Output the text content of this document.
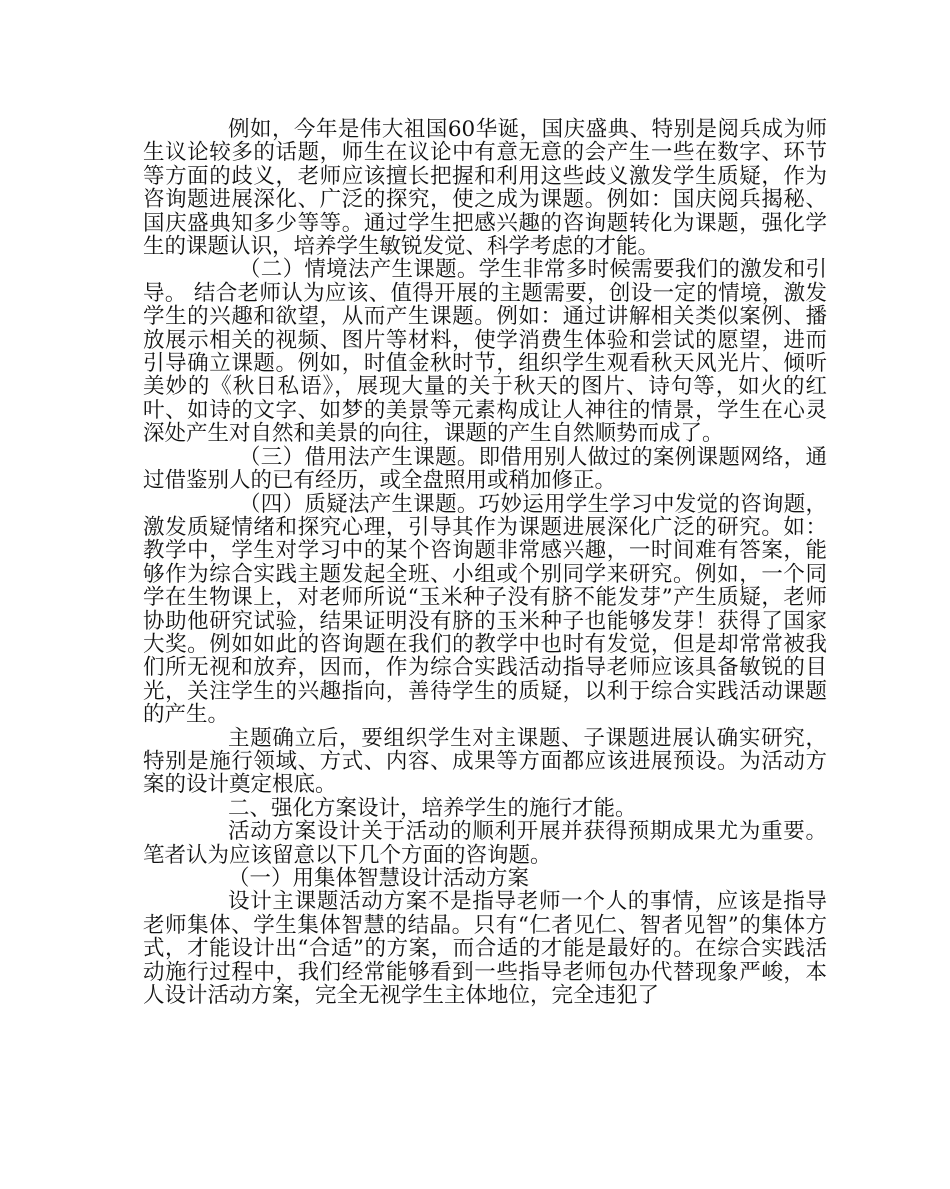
例如，今年是伟大祖国60华诞，国庆盛典、特别是阅兵成为师生议论较多的话题，师生在议论中有意无意的会产生一些在数字、环节等方面的歧义，老师应该擅长把握和利用这些歧义激发学生质疑，作为咨询题进展深化、广泛的探究，使之成为课题。例如：国庆阅兵揭秘、国庆盛典知多少等等。通过学生把感兴趣的咨询题转化为课题，强化学生的课题认识，培养学生敏锐发觉、科学考虑的才能。

（二）情境法产生课题。学生非常多时候需要我们的激发和引导。 结合老师认为应该、值得开展的主题需要，创设一定的情境，激发学生的兴趣和欲望，从而产生课题。例如：通过讲解相关类似案例、播放展示相关的视频、图片等材料，使学消费生体验和尝试的愿望，进而引导确立课题。例如，时值金秋时节，组织学生观看秋天风光片、倾听美妙的《秋日私语》，展现大量的关于秋天的图片、诗句等，如火的红叶、如诗的文字、如梦的美景等元素构成让人神往的情景，学生在心灵深处产生对自然和美景的向往，课题的产生自然顺势而成了。

（三）借用法产生课题。即借用别人做过的案例课题网络，通过借鉴别人的已有经历，或全盘照用或稍加修正。

（四）质疑法产生课题。巧妙运用学生学习中发觉的咨询题，激发质疑情绪和探究心理，引导其作为课题进展深化广泛的研究。如：教学中，学生对学习中的某个咨询题非常感兴趣，一时间难有答案，能够作为综合实践主题发起全班、小组或个别同学来研究。例如，一个同学在生物课上，对老师所说“玉米种子没有脐不能发芽”产生质疑，老师协助他研究试验，结果证明没有脐的玉米种子也能够发芽！获得了国家大奖。例如如此的咨询题在我们的教学中也时有发觉，但是却常常被我们所无视和放弃，因而，作为综合实践活动指导老师应该具备敏锐的目光，关注学生的兴趣指向，善待学生的质疑，以利于综合实践活动课题的产生。

主题确立后，要组织学生对主课题、子课题进展认确实研究，特别是施行领域、方式、内容、成果等方面都应该进展预设。为活动方案的设计奠定根底。

二、强化方案设计，培养学生的施行才能。

活动方案设计关于活动的顺利开展并获得预期成果尤为重要。笔者认为应该留意以下几个方面的咨询题。

（一）用集体智慧设计活动方案

设计主课题活动方案不是指导老师一个人的事情，应该是指导老师集体、学生集体智慧的结晶。只有“仁者见仁、智者见智”的集体方式，才能设计出“合适”的方案，而合适的才能是最好的。在综合实践活动施行过程中，我们经常能够看到一些指导老师包办代替现象严峻，本人设计活动方案，完全无视学生主体地位，完全违犯了
